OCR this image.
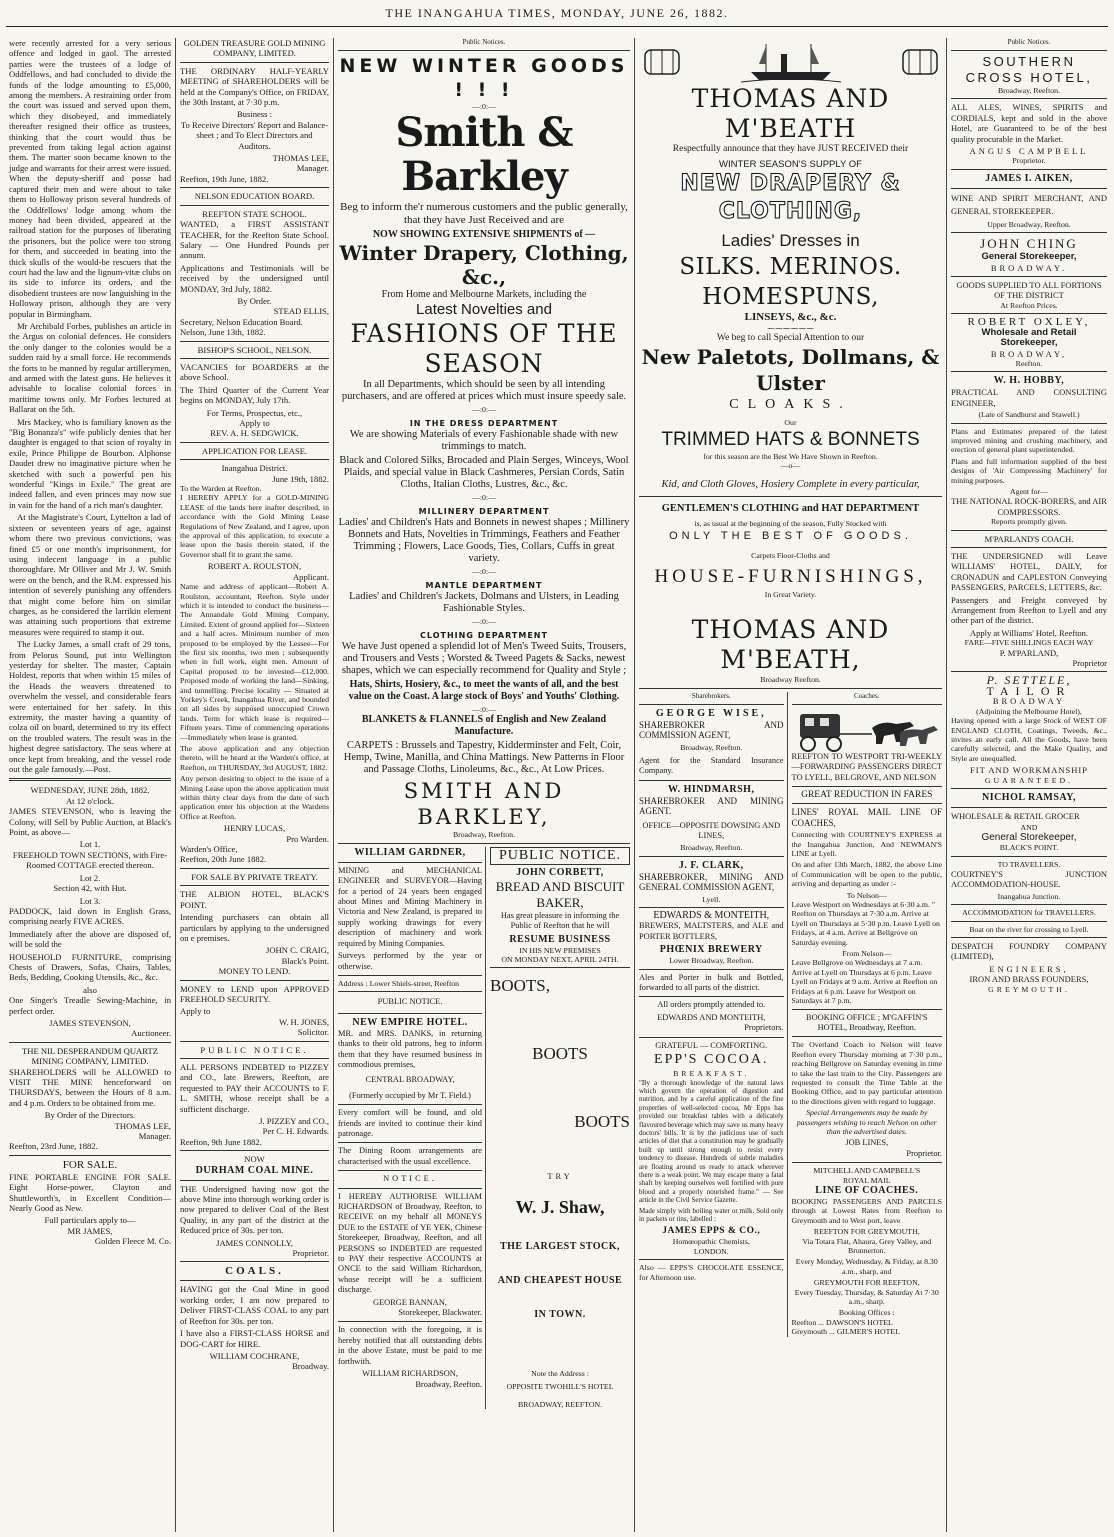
THE INANGAHUA TIMES, MONDAY, JUNE 26, 1882.

were recently arrested for a very serious offence and lodged in gaol. The arrested parties were the trustees of a lodge of Oddfellows, and had concluded to divide the funds of the lodge amounting to £5,000, among the members. A restraining order from the court was issued and served upon them, which they disobeyed, and immediately thereafter resigned their office as trustees, thinking that the court would thus be prevented from taking legal action against them. The matter soon became known to the judge and warrants for their arrest were issued. When the deputy-sheriff and posse had captured their men and were about to take them to Holloway prison several hundreds of the Oddfellows' lodge among whom the money had been divided, appeared at the railroad station for the purposes of liberating the prisoners, but the police were too strong for them, and succeeded in beating into the thick skulls of the would-be rescuers that the court had the law and the lignum-vitæ clubs on its side to inforce its orders, and the disobedient trustees are now languishing in the Holloway prison, although they are very popular in Birmingham.

Mr Archibald Forbes, publishes an article in the Argus on colonial defences. He considers the only danger to the colonies would be a sudden raid by a small force. He recommends the forts to be manned by regular artillerymen, and armed with the latest guns. He believes it advisable to localise colonial forces in maritime towns only. Mr Forbes lectured at Ballarat on the 5th.

Mrs Mackey, who is familiary known as the "Big Bonanza's" wife publicly denies that her daughter is engaged to that scion of royalty in exile, Prince Philippe de Bourbon. Alphonse Daudet drew no imaginative picture when he sketched with such a powerful pen his wonderful "Kings in Exile." The great are indeed fallen, and even princes may now sue in vain for the hand of a rich man's daughter.

At the Magistrate's Court, Lyttelton a lad of sixteen or seventeen years of age, against whom there two previous convictions, was fined £5 or one month's imprisonment, for using indecent language in a public thoroughfare. Mr Olliver and Mr J. W. Smith were on the bench, and the R.M. expressed his intention of severely punishing any offenders that might come before him on similar charges, as he considered the larrikin element was attaining such proportions that extreme measures were required to stamp it out.

The Lucky James, a small craft of 29 tons, from Pelorus Sound, put into Wellington yesterday for shelter. The master, Captain Holdest, reports that when within 15 miles of the Heads the weavers threatened to overwhelm the vessel, and considerable fears were entertained for her safety. In this extremity, the master having a quantity of colza oil on board, determined to try its effect on the troubled waters. The result was in the highest degree satisfactory. The seas where at once kept from breaking, and the vessel rode out the gale famously.—Post.

WEDNESDAY, JUNE 28th, 1882.
At 12 o'clock.

JAMES STEVENSON, who is leaving the Colony, will Sell by Public Auction, at Black's Point, as above—

Lot 1.

FREEHOLD TOWN SECTIONS, with Fire-Roomed COTTAGE erected thereon.

Lot 2.

Section 42, with Hut.

Lot 3.

PADDOCK, laid down in English Grass, comprising nearly FIVE ACRES.

Immediately after the above are disposed of, will be sold the

HOUSEHOLD FURNITURE, comprising Chests of Drawers, Sofas, Chairs, Tables, Beds, Bedding, Cooking Utensils, &c., &c.

also

One Singer's Treadle Sewing-Machine, in perfect order.

JAMES STEVENSON,
Auctioneer.
THE NIL DESPERANDUM QUARTZ MINING COMPANY, LIMITED.

SHAREHOLDERS will be ALLOWED to VISIT THE MINE henceforward on THURSDAYS, between the Hours of 8 a.m. and 4 p.m. Orders to be obtained from me.

By Order of the Directors.
THOMAS LEE,
Manager.
Reefton, 23rd June, 1882.
FOR SALE.

FINE PORTABLE ENGINE FOR SALE. Eight Horse-power, Clayton and Shuttleworth's, in Excellent Condition—Nearly Good as New.

Full particulars apply to—
MR JAMES,
Golden Fleece M. Co.
GOLDEN TREASURE GOLD MINING COMPANY, LIMITED.

THE ORDINARY HALF-YEARLY MEETING of SHAREHOLDERS will be held at the Company's Office, on FRIDAY, the 30th Instant, at 7·30 p.m.

Business :

To Receive Directors' Report and Balance-sheet ; and To Elect Directors and Auditors.

THOMAS LEE,
Manager.
Reefton, 19th June, 1882.
NELSON EDUCATION BOARD.
REEFTON STATE SCHOOL.

WANTED, a FIRST ASSISTANT TEACHER, for the Reefton State School. Salary — One Hundred Pounds per annum.

Applications and Testimonials will be received by the undersigned until MONDAY, 3rd July, 1882.

By Order.
STEAD ELLIS,
Secretary, Nelson Education Board.
Nelson, June 13th, 1882.
BISHOP'S SCHOOL, NELSON.

VACANCIES for BOARDERS at the above School.

The Third Quarter of the Current Year begins on MONDAY, July 17th.

For Terms, Prospectus, etc.,
Apply to
REV. A. H. SEDGWICK.
APPLICATION FOR LEASE.
Inangahua District.
June 19th, 1882.
To the Warden at Reefton.

I HEREBY APPLY for a GOLD-MINING LEASE of the lands here inafter described, in accordance with the Gold Mining Lease Regulations of New Zealand, and I agree, upon the approval of this application, to execute a lease upon the basis therein stated, if the Governor shall fit to grant the same.

ROBERT A. ROULSTON,
Applicant.

Name and address of applicant—Robert A. Roulston, accountant, Reefton. Style under which it is intended to conduct the business—The Annandale Gold Mining Company, Limited. Extent of ground applied for—Sixteen and a half acres. Minimum number of men proposed to be employed by the Lessee—For the first six months, two men ; subsequently when in full work, eight men. Amount of Capital proposed to be invested—£12,000. Proposed mode of working the land—Sinking, and tunnelling. Precise locality — Situated at Yorkey's Creek, Inangahua River, and bounded on all sides by supposed unoccupied Crown lands. Term for which lease is required—Fifteen years. Time of commencing operations—Immediately when lease is granted.

The above application and any objection thereto, will be heard at the Warden's office, at Reefton, on THURSDAY, 3rd AUGUST, 1882.

Any person desiring to object to the issue of a Mining Lease upon the above application must within thirty clear days from the date of such application enter his objection at the Wardens Office at Reefton.

HENRY LUCAS,
Pro Warden.
Warden's Office,
Reefton, 20th June 1882.
FOR SALE BY PRIVATE TREATY.

THE ALBION HOTEL, BLACK'S POINT.

Intending purchasers can obtain all particulars by applying to the undersigned on e premises.

JOHN C. CRAIG,
Black's Point.
MONEY TO LEND.

MONEY to LEND upon APPROVED FREEHOLD SECURITY.

Apply to
W. H. JONES,
Solicitor.
PUBLIC NOTICE.

ALL PERSONS INDEBTED to PIZZEY and CO., late Brewers, Reefton, are requested to PAY their ACCOUNTS to F. L. SMITH, whose receipt shall be a sufficient discharge.

J. PIZZEY and CO.,
Per C. H. Edwards.
Reefton, 9th June 1882.
NOW
DURHAM COAL MINE.

THE Undersigned having now got the above Mine into thorough working order is now prepared to deliver Coal of the Best Quality, in any part of the district at the Reduced price of 30s. per ton.

JAMES CONNOLLY,
Proprietor.
COALS.

HAVING got the Coal Mine in good working order, I am now prepared to Deliver FIRST-CLASS COAL to any part of Reefton for 30s. per ton.

I have also a FIRST-CLASS HORSE and DOG-CART for HIRE.

WILLIAM COCHRANE,
Broadway.
Public Notices.
NEW WINTER GOODS ! ! !
—:0:—
Smith & Barkley

Beg to inform the'r numerous customers and the public generally, that they have Just Received and are

NOW SHOWING EXTENSIVE SHIPMENTS of —
Winter Drapery, Clothing, &c.,
From Home and Melbourne Markets, including the
Latest Novelties and
FASHIONS OF THE SEASON

In all Departments, which should be seen by all intending purchasers, and are offered at prices which must insure speedy sale.

—:0:—
IN THE DRESS DEPARTMENT

We are showing Materials of every Fashionable shade with new trimmings to match.

Black and Colored Silks, Brocaded and Plain Serges, Winceys, Wool Plaids, and special value in Black Cashmeres, Persian Cords, Satin Cloths, Italian Cloths, Lustres, &c., &c.

—:0:—
MILLINERY DEPARTMENT

Ladies' and Children's Hats and Bonnets in newest shapes ; Millinery Bonnets and Hats, Novelties in Trimmings, Feathers and Feather Trimming ; Flowers, Lace Goods, Ties, Collars, Cuffs in great variety.

—:0:—
MANTLE DEPARTMENT

Ladies' and Children's Jackets, Dolmans and Ulsters, in Leading Fashionable Styles.

—:0:—
CLOTHING DEPARTMENT

We have Just opened a splendid lot of Men's Tweed Suits, Trousers, and Trousers and Vests ; Worsted & Tweed Pagets & Sacks, newest shapes, which we can especially recommend for Quality and Style ;

Hats, Shirts, Hosiery, &c., to meet the wants of all, and the best value on the Coast. A large stock of Boys' and Youths' Clothing.

—:0:—

BLANKETS & FLANNELS of English and New Zealand Manufacture.

CARPETS : Brussels and Tapestry, Kidderminster and Felt, Coir, Hemp, Twine, Manilla, and China Mattings. New Patterns in Floor and Passage Cloths, Linoleums, &c., &c., At Low Prices.

SMITH AND BARKLEY,
Broadway, Reefton.
WILLIAM GARDNER,

MINING and MECHANICAL ENGINEER and SURVEYOR—Having for a period of 24 years been engaged about Mines and Mining Machinery in Victoria and New Zealand, is prepared to supply working drawings for every description of machinery and work required by Mining Companies.

Surveys performed by the year or otherwise.

Address : Lower Shiels-street, Reefton
PUBLIC NOTICE.
NEW EMPIRE HOTEL.

MR. and MRS. DANKS, in returning thanks to their old patrons, beg to inform them that they have resumed business in commodious premises,

CENTRAL BROADWAY,
(Formerly occupied by Mr T. Field.)

Every comfort will be found, and old friends are invited to continue their kind patronage.

The Dining Room arrangements are characterised with the usual excellence.

NOTICE.

I HEREBY AUTHORISE WILLIAM RICHARDSON of Broadway, Reefton, to RECEIVE on my behalf all MONEYS DUE to the ESTATE of YE YEK, Chinese Storekeeper, Broadway, Reefton, and all PERSONS so INDEBTED are requested to PAY their respective ACCOUNTS at ONCE to the said William Richardson, whose receipt will be a sufficient discharge.

GEORGE BANNAN,
Storekeeper, Blackwater.

In connection with the foregoing, it is hereby notified that all outstanding debts in the above Estate, must be paid to me forthwith.

WILLIAM RICHARDSON,
Broadway, Reefton.
PUBLIC NOTICE.
JOHN CORBETT,
BREAD AND BISCUIT BAKER,

Has great pleasure in informing the Public of Reefton that he will

RESUME BUSINESS
IN HIS NEW PREMISES
ON MONDAY NEXT, APRIL 24TH.
BOOTS,
BOOTS
BOOTS
TRY
W. J. Shaw,
THE LARGEST STOCK,
AND CHEAPEST HOUSE
IN TOWN.
Note the Address :
OPPOSITE TWOHILL'S HOTEL
BROADWAY, REEFTON.
THOMAS AND M'BEATH
Respectfully announce that they have JUST RECEIVED their
WINTER SEASON'S SUPPLY OF
NEW DRAPERY & CLOTHING,
Ladies' Dresses in
SILKS. MERINOS. HOMESPUNS,
LINSEYS, &c., &c.
⁓⁓⁓⁓⁓⁓
We beg to call Special Attention to our
New Paletots, Dollmans, & Ulster
CLOAKS.
Our
TRIMMED HATS & BONNETS
for this season are the Best We Have Shown in Reefton.
—o—
Kid, and Cloth Gloves, Hosiery Complete in every particular,
GENTLEMEN'S CLOTHING and HAT DEPARTMENT
is, as usual at the beginning of the season, Fully Stocked with
ONLY THE BEST OF GOODS.
Carpets Floor-Cloths and
HOUSE-FURNISHINGS,
In Great Variety.
THOMAS AND M'BEATH,
Broadway Reefton.
Sharebrokers.
GEORGE WISE,

SHAREBROKER AND COMMISSION AGENT,

Broadway, Reefton.

Agent for the Standard Insurance Company.

W. HINDMARSH,

SHAREBROKER AND MINING AGENT.

OFFICE—OPPOSITE DOWSING AND LINES,

Broadway, Reefton.
J. F. CLARK,

SHAREBROKER, MINING AND GENERAL COMMISSION AGENT,

Lyell.
EDWARDS & MONTEITH,

BREWERS, MALTSTERS, and ALE and PORTER BOTTLERS,

PHŒNIX BREWERY
Lower Broadway, Reefton.

Ales and Porter in bulk and Bottled, forwarded to all parts of the district.

All orders promptly attended to.

EDWARDS AND MONTEITH,
Proprietors.
GRATEFUL — COMFORTING.
EPP'S COCOA.
BREAKFAST.

"By a thorough knowledge of the natural laws which govern the operation of digestion and nutrition, and by a careful application of the fine properties of well-selected cocoa, Mr Epps has provided our breakfast tables with a delicately flavoured beverage which may save us many heavy doctors' bills. It is by the judicious use of such articles of diet that a constitution may be gradually built up until strong enough to resist every tendency to disease. Hundreds of subtle maladies are floating around us ready to attack wherever there is a weak point. We may escape many a fatal shaft by keeping ourselves well fortified with pure blood and a properly nourished frame." — See article in the Civil Service Gazette.

Made simply with boiling water or milk. Sold only in packets or tins, labelled :

JAMES EPPS & CO.,
Homœopathic Chemists,
LONDON.

Also — EPPS'S CHOCOLATE ESSENCE, for Afternoon use.

Coaches.

REEFTON TO WESTPORT TRI-WEEKLY—FORWARDING PASSENGERS DIRECT TO LYELL, BELGROVE, AND NELSON

GREAT REDUCTION IN FARES

LINES' ROYAL MAIL LINE OF COACHES,

Connecting with COURTNEY'S EXPRESS at the Inangahua Junction, And NEWMAN'S LINE at Lyell.

On and after 13th March, 1882, the above Line of Communication will be open to the public, arriving and departing as under :-

To Nelson—

Leave Westport on Wednesdays at 6·30 a.m. " Reefton on Thursdays at 7·30 a.m. Arrive at Lyell on Thursdays at 5·30 p.m. Leave Lyell on Fridays, at 4 a.m. Arrive at Bellgrove on Saturday evening.

From Nelson—

Leave Bellgrove on Wednesdays at 7 a.m. Arrive at Lyell on Thursdays at 6 p.m. Leave Lyell on Fridays at 9 a.m. Arrive at Reefton on Fridays at 6 p.m. Leave for Westport on Saturdays at 7 p.m.

BOOKING OFFICE ; M'GAFFIN'S HOTEL, Broadway, Reefton.

The Overland Coach to Nelson will leave Reefton every Thursday morning at 7·30 p.m., reaching Bellgrove on Saturday evening in time to take the last train to the City. Passengers are requested to consult the Time Table at the Booking Office, and to pay particular attention to the directions given with regard to luggage.

Special Arrangements may be made by passengers wishing to reach Nelson on other than the advertised dates.

JOB LINES,
Proprietor.
MITCHELL AND CAMPBELL'S
ROYAL MAIL
LINE OF COACHES.

BOOKING PASSENGERS AND PARCELS through at Lowest Rates from Reefton to Greymouth and to West port, leave

REEFTON FOR GREYMOUTH,

Via Totara Flat, Ahaura, Grey Valley, and Brunnerton.

Every Monday, Wednesday, & Friday, at 8.30 a.m., sharp, and

GREYMOUTH FOR REEFTON,

Every Tuesday, Thursday, & Saturday At 7·30 a.m., sharp.

Booking Offices :
Reefton ... DAWSON'S HOTEL
Greymouth ... GILMER'S HOTEL
Public Notices.
SOUTHERN CROSS HOTEL,
Broadway, Reefton.

ALL ALES, WINES, SPIRITS and CORDIALS, kept and sold in the above Hotel, are Guaranteed to be of the best quality procurable in the Market.

ANGUS CAMPBELL
Proprietor.
JAMES I. AIKEN,

WINE AND SPIRIT MERCHANT, AND GENERAL STOREKEEPER.

Upper Broadway, Reefton.
JOHN CHING
General Storekeeper,
BROADWAY.
GOODS SUPPLIED TO ALL FORTIONS OF THE DISTRICT
At Reefton Prices.
ROBERT OXLEY,
Wholesale and Retail
Storekeeper,
BROADWAY,
Reefton.
W. H. HOBBY,

PRACTICAL AND CONSULTING ENGINEER,

(Late of Sandhurst and Stawell.)

Plans and Estimates prepared of the latest improved mining and crushing machinery, and erection of general plant superintended.

Plans and full information supplied of the best designs of 'Air Compressing Machinery' for mining purposes.

Agent for—
THE NATIONAL ROCK-BORERS, and AIR COMPRESSORS.
Reports promptly given.
M'PARLAND'S COACH.

THE UNDERSIGNED will Leave WILLIAMS' HOTEL, DAILY, for CRONADUN and CAPLESTON Conveying PASSENGERS, PARCELS, LETTERS, &c.

Passengers and Freight conveyed by Arrangement from Reefton to Lyell and any other part of the district.

Apply at Williams' Hotel, Reefton.
FARE—FIVE SHILLINGS EACH WAY
P. M'PARLAND,
Proprietor
P. SETTELE,
TAILOR
BROADWAY
(Adjoining the Melbourne Hotel),

Having opened with a large Stock of WEST OF ENGLAND CLOTH, Coatings, Tweeds, &c., invites an early call. All the Goods, have been carefully selected, and the Make Quality, and Style are unequalled.

FIT AND WORKMANSHIP
GUARANTEED.
NICHOL RAMSAY,

WHOLESALE & RETAIL GROCER

AND
General Storekeeper,
BLACK'S POINT.
TO TRAVELLERS.

COURTNEY'S JUNCTION ACCOMMODATION-HOUSE.

Inangahua Junction.
ACCOMMODATION for TRAVELLERS.
Boat on the river for crossing to Lyell.

DESPATCH FOUNDRY COMPANY (LIMITED),

ENGINEERS,
IRON AND BRASS FOUNDERS,
GREYMOUTH.
